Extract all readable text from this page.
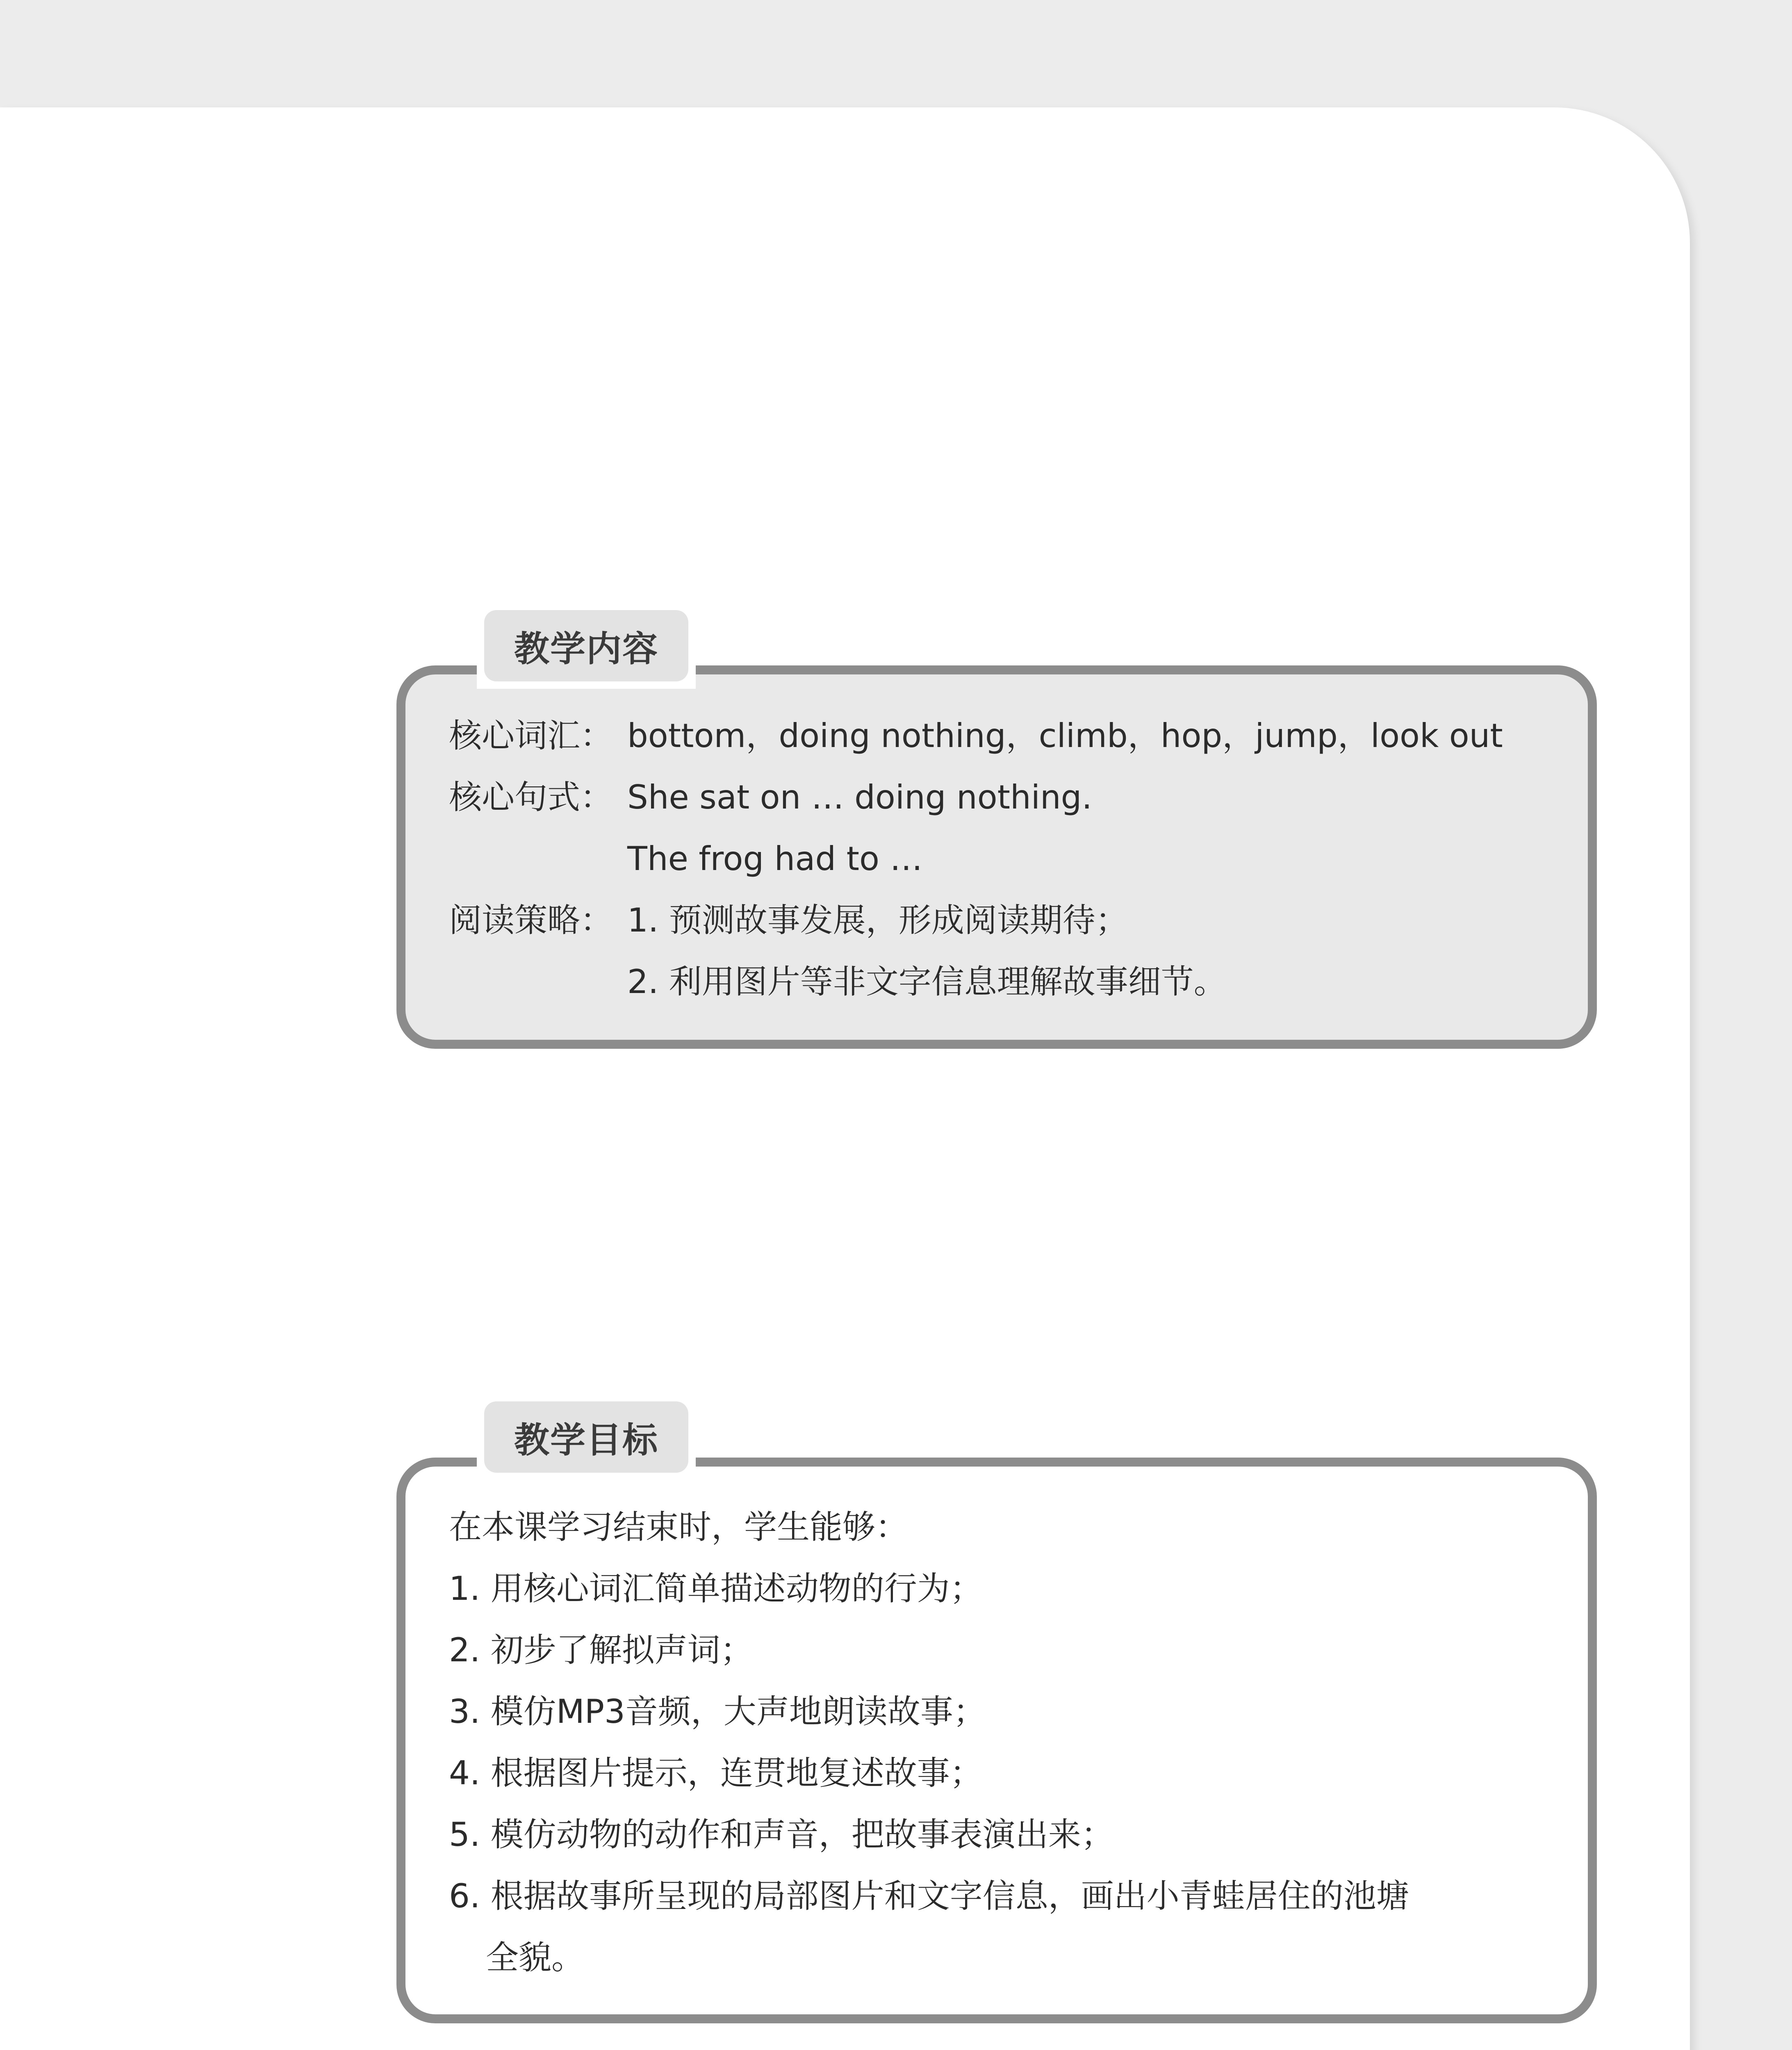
教学内容
核心词汇： bottom，doing nothing，climb，hop，jump，look out
核心句式： She sat on … doing nothing.
The frog had to …
阅读策略： 1. 预测故事发展，形成阅读期待；
2. 利用图片等非文字信息理解故事细节。
教学目标
在本课学习结束时，学生能够：
1. 用核心词汇简单描述动物的行为；
2. 初步了解拟声词；
3. 模仿MP3音频，大声地朗读故事；
4. 根据图片提示，连贯地复述故事；
5. 模仿动物的动作和声音，把故事表演出来；
6. 根据故事所呈现的局部图片和文字信息，画出小青蛙居住的池塘
全貌。
